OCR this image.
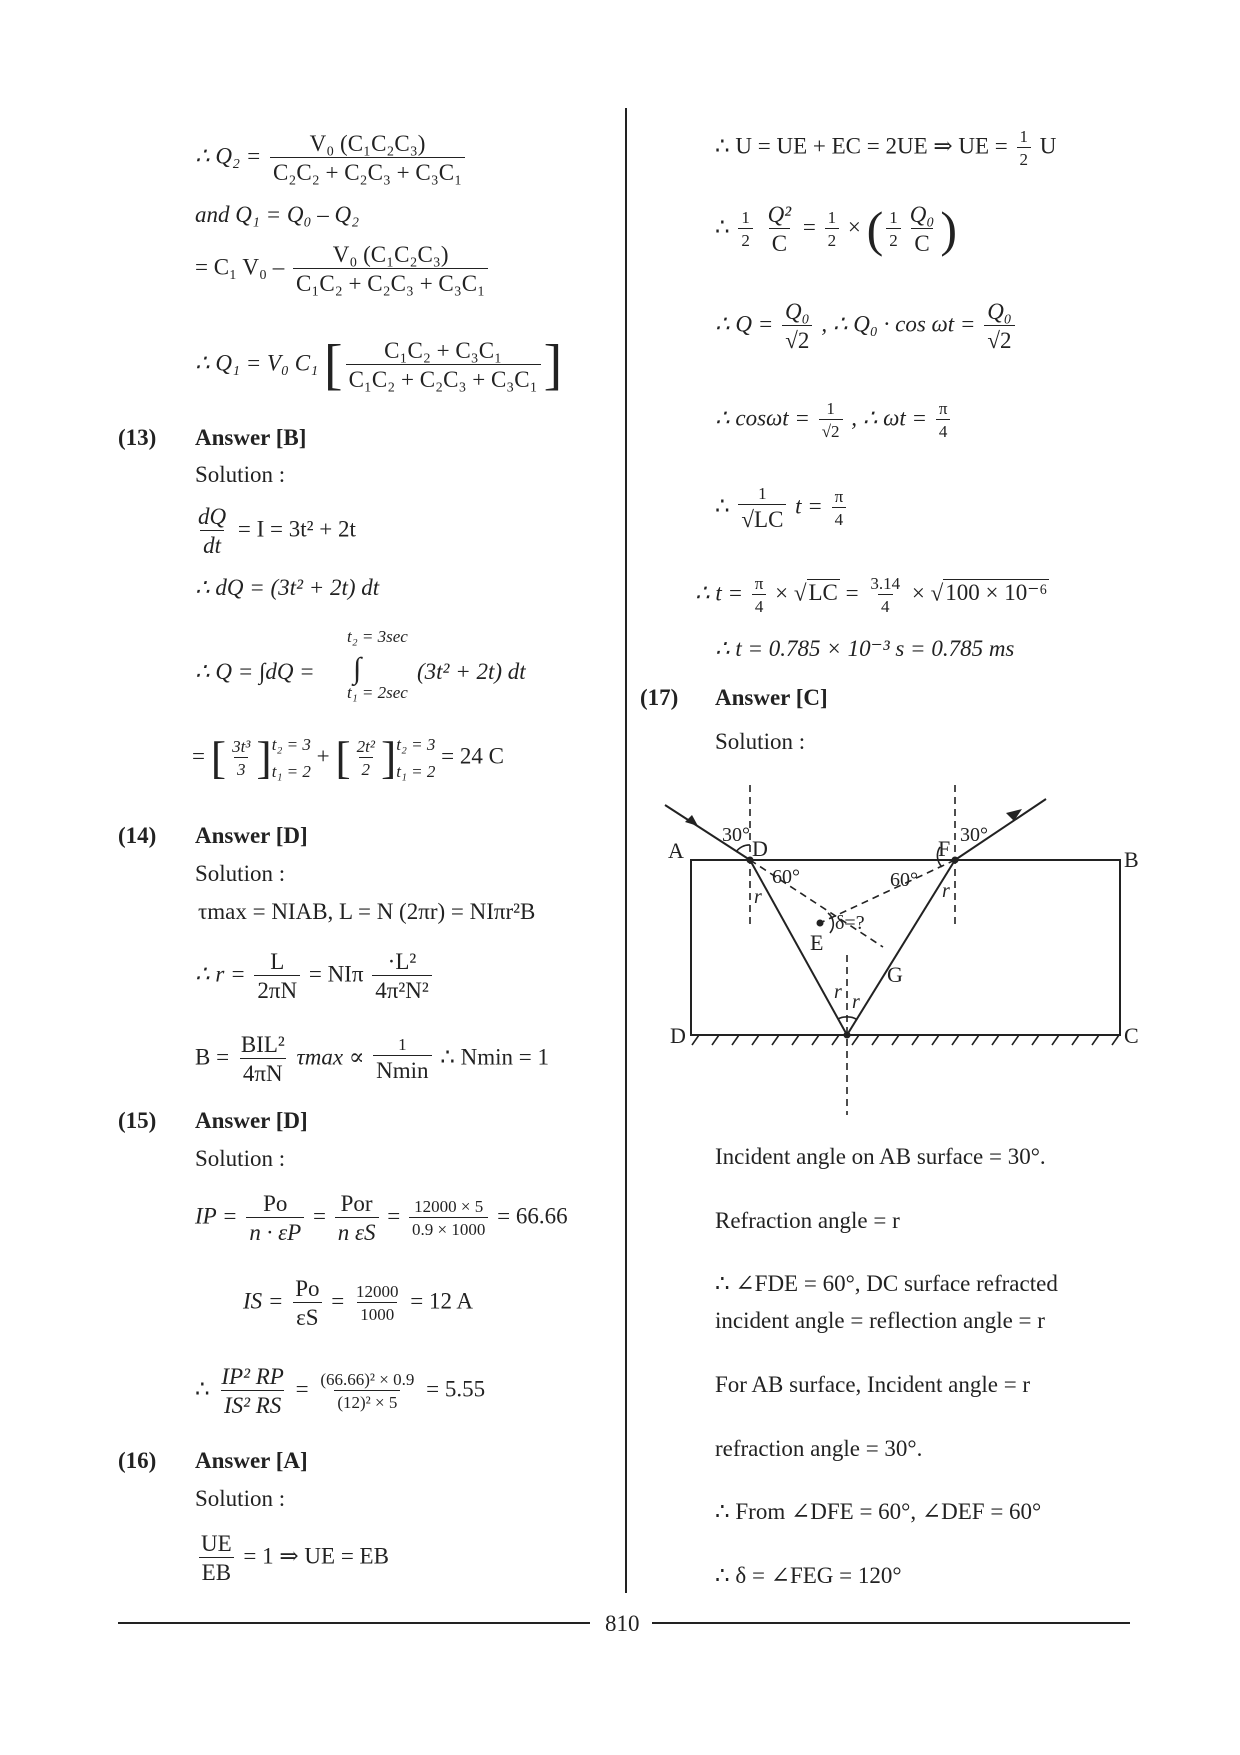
∴ $Q_2 = \frac{\text{V₀ (C₁C₂C₃)}}{\text{C₂C₂ + C₂C₃ + C₃C₁}}$
and Q₁ = Q₀ – Q₂
= C₁ $V_0 - \frac{\text{V₀ (C₁C₂C₃)}}{\text{C₁C₂ + C₂C₃ + C₃C₁}}$
∴ Q₁ = V₀ C₁ [ $\frac{\text{C₁C₂ + C₃C₁}}{\text{C₁C₂ + C₂C₃ + C₃C₁}}$ ]
(13) Answer [B]
Solution :
$\frac{dQ}{dt} = I = 3t^2 + 2t$
∴ dQ = (3t² + 2t) dt
∴ Q = ∫dQ =
t₂ = 3sec
∫
t₁ = 2sec
(3t² + 2t) dt
= [ $\frac{\text{3t³}}{3}$ ] t₂ = 3
t₁ = 2
+ [ $\frac{\text{2t²}}{2}$ ] t₂ = 3
t₁ = 2
= 24 C
(14) Answer [D]
Solution :
τmax = NIAB, L = N (2πr) = NIπr²B
∴ $r = \frac{L}{2\pi N} = NI\pi \frac{\text{·L²}}{\text{4π²N²}}$
$B = \frac{\text{BIL²}}{4\pi N}$ $\tau\max \propto \frac{1}{Nmin}$ ∴ Nmin = 1
(15) Answer [D]
Solution :
IP = $\frac{Po}{n \cdot \varepsilon P} = \frac{\text{Por}}{\text{n εS}} = \frac{12000 \times 5}{0.9 \times 1000} = 66.66$
IS = $\frac{Po}{\varepsilon S} = \frac{12000}{1000} = 12$ A
∴ $\frac{\text{IP² RP}}{\text{IS² RS}} = \frac{\text{(66.66)² × 0.9}}{\text{(12)² × 5}} = 5.55$
(16) Answer [A]
Solution :
$\frac{UE}{EB} = 1$ ⇒ UE = EB
∴ U = UE + EC = 2UE ⇒ UE = $\frac{1}{2}$ U
∴ $\frac{1}{2}$
$\frac{\text{Q²}}{C} = \frac{1}{2}$ × ( $\frac{1}{2} \frac{\text{Q₀}}{C}$ )
∴ $Q = \frac{\text{Q₀}}{√2}$ , ∴ $Q_0 \cdot \cos \omega t = \frac{\text{Q₀}}{√2}$
∴ $\cos\omega t = \frac{1}{√2}$ , ∴ $\omega t = \frac{\pi}{4}$
∴ $\frac{1}{√LC}$ $t = \frac{\pi}{4}$
∴ $t = \frac{\pi}{4} \times √LC = \frac{3.14}{4} \times √100 \times 10^{-6}$
∴ t = 0.785 × 10⁻³ s = 0.785 ms
(17) Answer [C]
Solution :
A	B
C
D
D	F
E
G
30°	30°
60°	60°
r	r
r r
δ=?
Incident angle on AB surface = 30°.
Refraction angle = r
∴ ∠FDE = 60°, DC surface refracted
incident angle = reflection angle = r
For AB surface, Incident angle = r
refraction angle = 30°.
∴ From ∠DFE = 60°, ∠DEF = 60°
∴ δ = ∠FEG = 120°
810
